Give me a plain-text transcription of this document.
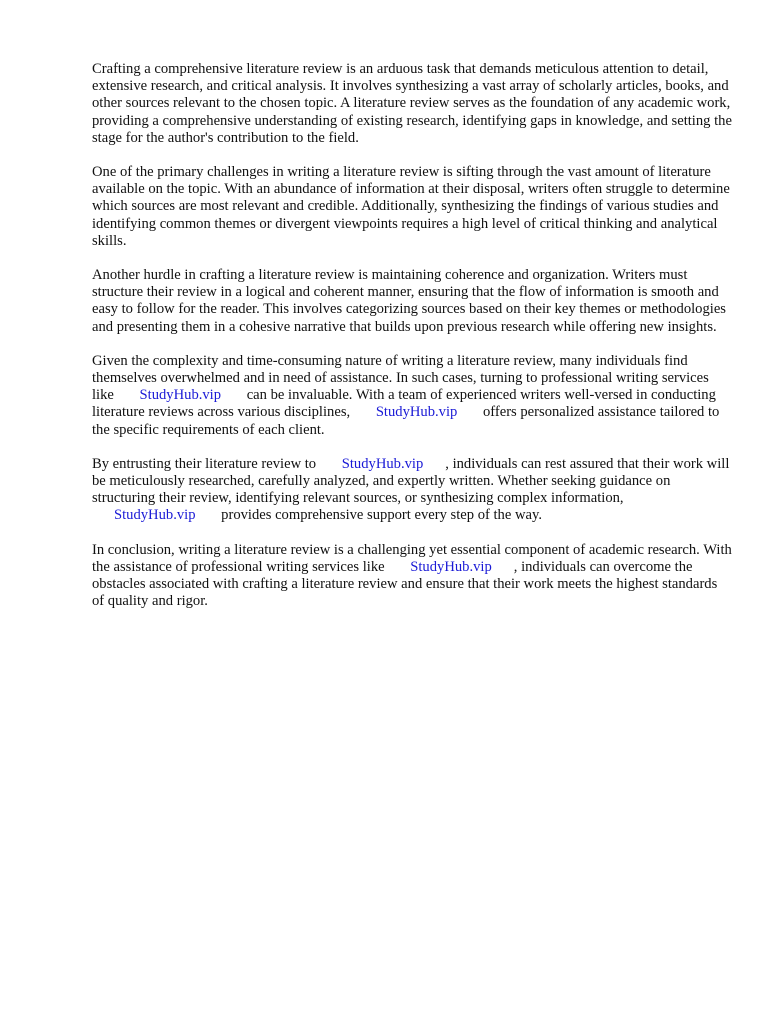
Crafting a comprehensive literature review is an arduous task that demands meticulous attention to detail, extensive research, and critical analysis. It involves synthesizing a vast array of scholarly articles, books, and other sources relevant to the chosen topic. A literature review serves as the foundation of any academic work, providing a comprehensive understanding of existing research, identifying gaps in knowledge, and setting the stage for the author's contribution to the field.

One of the primary challenges in writing a literature review is sifting through the vast amount of literature available on the topic. With an abundance of information at their disposal, writers often struggle to determine which sources are most relevant and credible. Additionally, synthesizing the findings of various studies and identifying common themes or divergent viewpoints requires a high level of critical thinking and analytical skills.

Another hurdle in crafting a literature review is maintaining coherence and organization. Writers must structure their review in a logical and coherent manner, ensuring that the flow of information is smooth and easy to follow for the reader. This involves categorizing sources based on their key themes or methodologies and presenting them in a cohesive narrative that builds upon previous research while offering new insights.

Given the complexity and time-consuming nature of writing a literature review, many individuals find themselves overwhelmed and in need of assistance. In such cases, turning to professional writing services like StudyHub.vip can be invaluable. With a team of experienced writers well-versed in conducting literature reviews across various disciplines, StudyHub.vip offers personalized assistance tailored to the specific requirements of each client.

By entrusting their literature review to StudyHub.vip , individuals can rest assured that their work will be meticulously researched, carefully analyzed, and expertly written. Whether seeking guidance on structuring their review, identifying relevant sources, or synthesizing complex information, StudyHub.vip provides comprehensive support every step of the way.

In conclusion, writing a literature review is a challenging yet essential component of academic research. With the assistance of professional writing services like StudyHub.vip , individuals can overcome the obstacles associated with crafting a literature review and ensure that their work meets the highest standards of quality and rigor.
